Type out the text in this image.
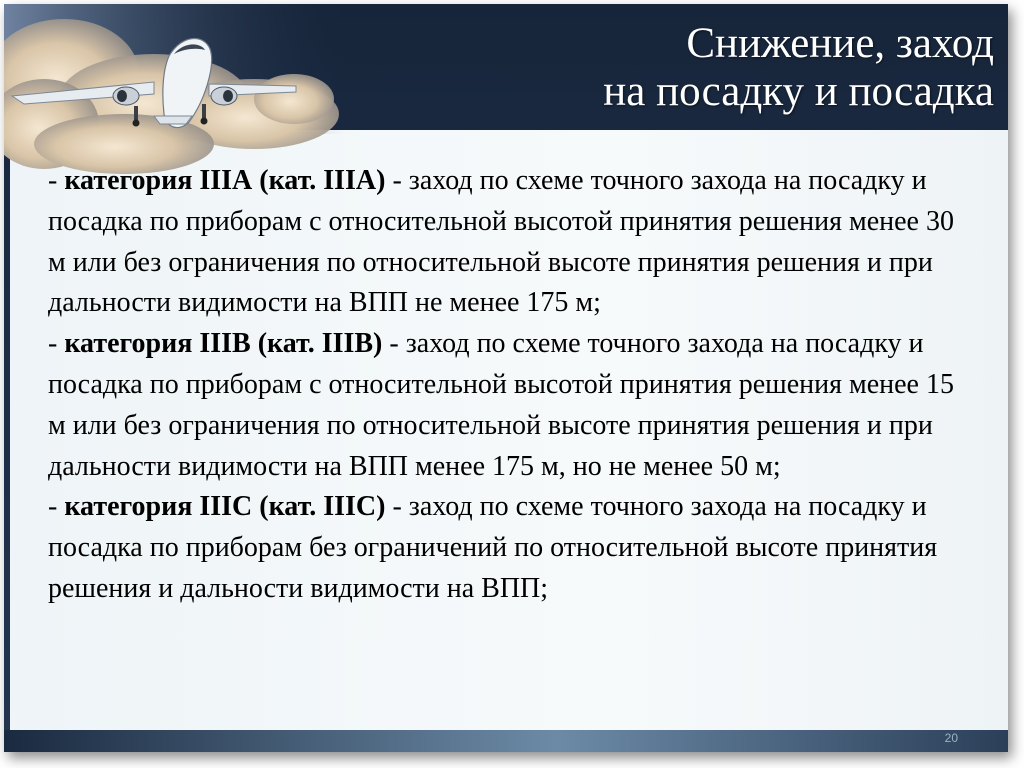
Снижение, заход
на посадку и посадка

- категория IIIА (кат. IIIА) - заход по схеме точного захода на посадку и посадка по приборам с относительной высотой принятия решения менее 30 м или без ограничения по относительной высоте принятия решения и при дальности видимости на ВПП не менее 175 м;

- категория IIIВ (кат. IIIВ) - заход по схеме точного захода на посадку и посадка по приборам с относительной высотой принятия решения менее 15 м или без ограничения по относительной высоте принятия решения и при дальности видимости на ВПП менее 175 м, но не менее 50 м;

- категория IIIС (кат. IIIС) - заход по схеме точного захода на посадку и посадка по приборам без ограничений по относительной высоте принятия решения и дальности видимости на ВПП;

20
